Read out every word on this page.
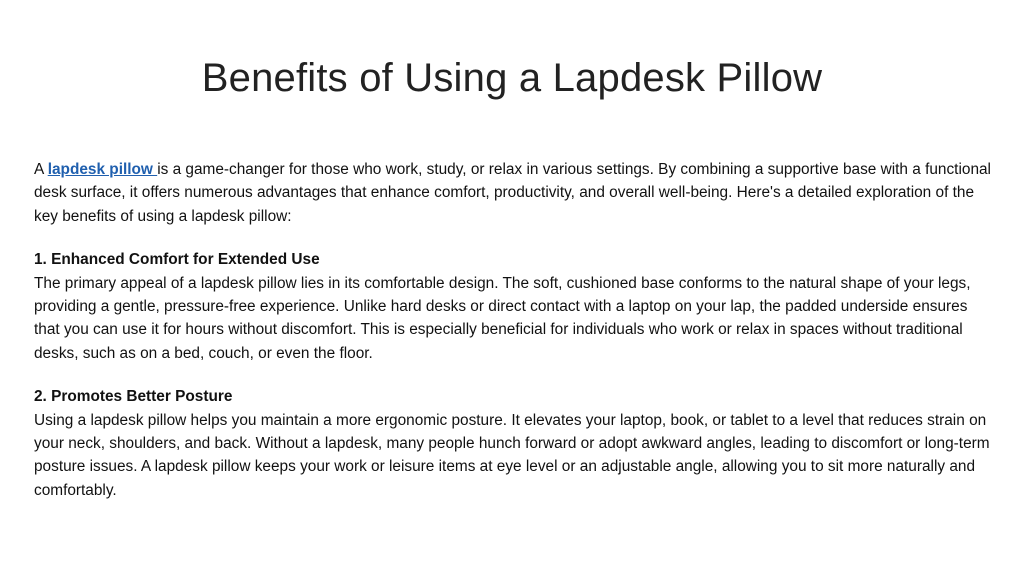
Benefits of Using a Lapdesk Pillow

A lapdesk pillow is a game-changer for those who work, study, or relax in various settings. By combining a supportive base with a functional desk surface, it offers numerous advantages that enhance comfort, productivity, and overall well-being. Here's a detailed exploration of the key benefits of using a lapdesk pillow:

1. Enhanced Comfort for Extended Use
The primary appeal of a lapdesk pillow lies in its comfortable design. The soft, cushioned base conforms to the natural shape of your legs, providing a gentle, pressure-free experience. Unlike hard desks or direct contact with a laptop on your lap, the padded underside ensures that you can use it for hours without discomfort. This is especially beneficial for individuals who work or relax in spaces without traditional desks, such as on a bed, couch, or even the floor.

2. Promotes Better Posture
Using a lapdesk pillow helps you maintain a more ergonomic posture. It elevates your laptop, book, or tablet to a level that reduces strain on your neck, shoulders, and back. Without a lapdesk, many people hunch forward or adopt awkward angles, leading to discomfort or long-term posture issues. A lapdesk pillow keeps your work or leisure items at eye level or an adjustable angle, allowing you to sit more naturally and comfortably.
